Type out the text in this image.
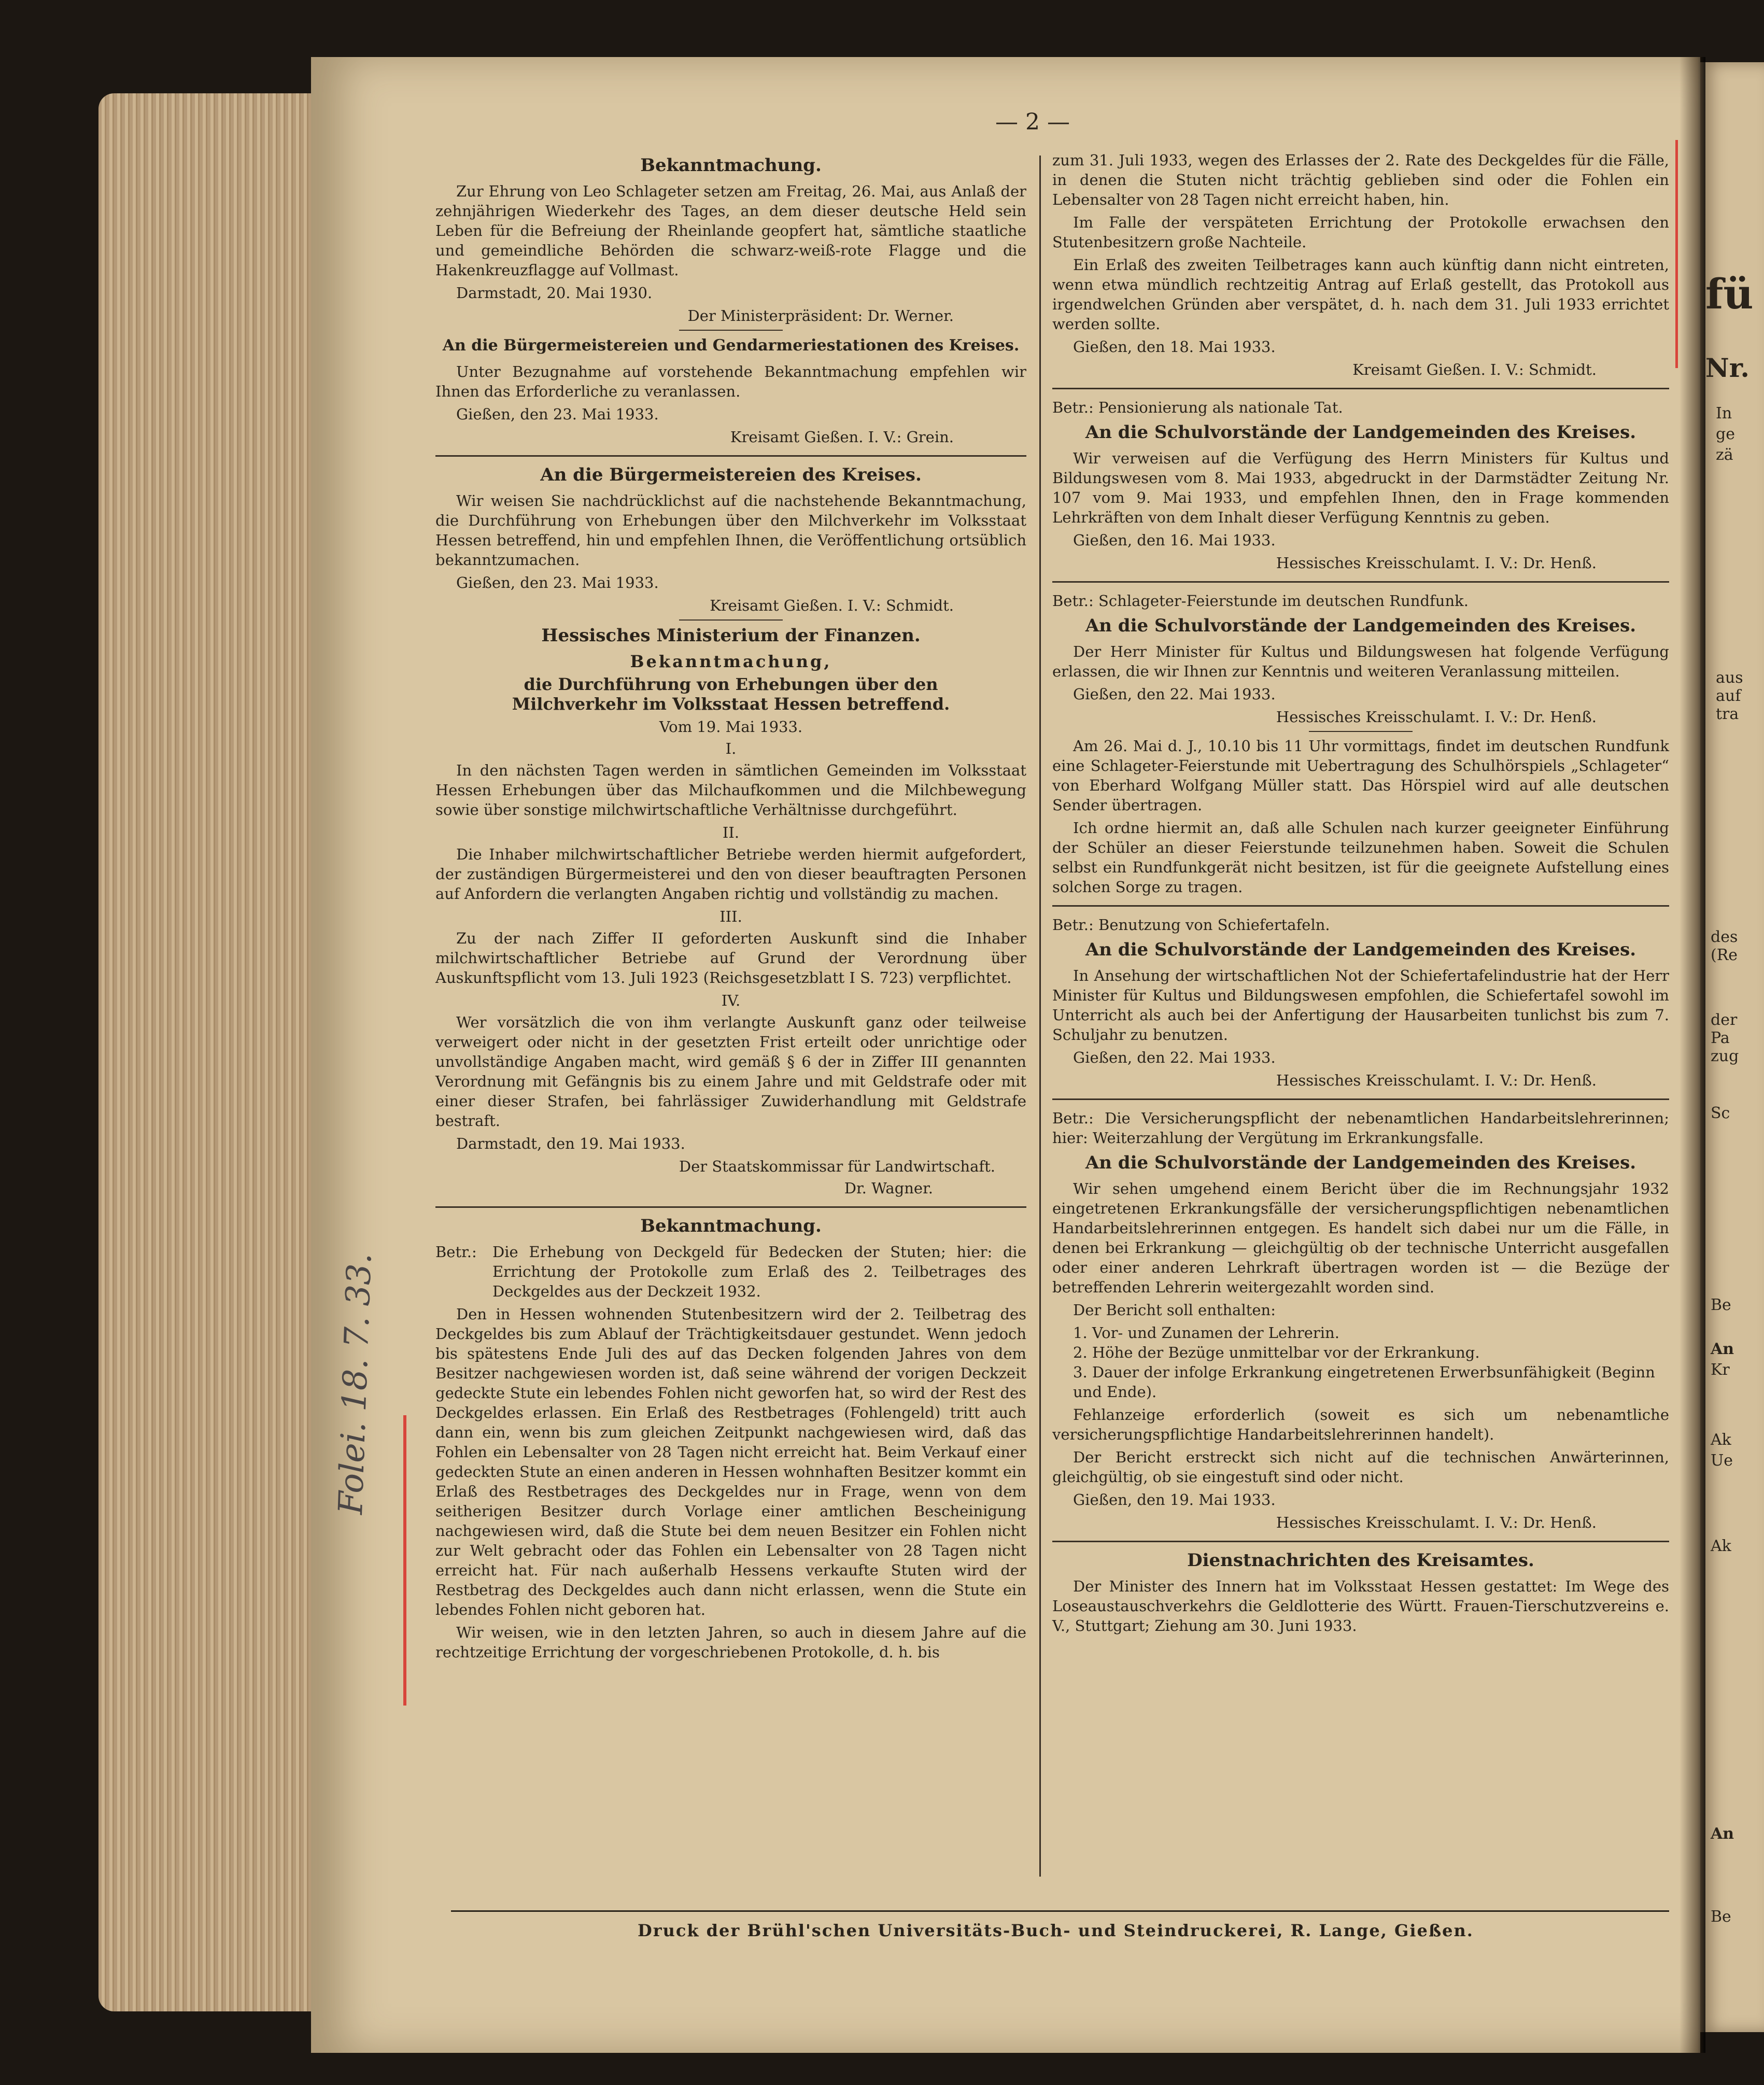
fü
Nr.
In
ge
zä
aus
auf
tra
des
(Re
der
Pa
zug
Sc
Be
An
Kr
Ak
Ue
Ak
An
Be
— 2 —
Bekanntmachung.

Zur Ehrung von Leo Schlageter setzen am Freitag, 26. Mai, aus Anlaß der zehnjährigen Wiederkehr des Tages, an dem dieser deutsche Held sein Leben für die Befreiung der Rheinlande geopfert hat, sämtliche staatliche und gemeindliche Behörden die schwarz-weiß-rote Flagge und die Hakenkreuzflagge auf Vollmast.

Darmstadt, 20. Mai 1930.
Der Ministerpräsident: Dr. Werner.
An die Bürgermeistereien und Gendarmeriestationen des Kreises.

Unter Bezugnahme auf vorstehende Bekanntmachung empfehlen wir Ihnen das Erforderliche zu veranlassen.

Gießen, den 23. Mai 1933.
Kreisamt Gießen. I. V.: Grein.
An die Bürgermeistereien des Kreises.

Wir weisen Sie nachdrücklichst auf die nachstehende Bekanntmachung, die Durchführung von Erhebungen über den Milchverkehr im Volksstaat Hessen betreffend, hin und empfehlen Ihnen, die Veröffentlichung ortsüblich bekanntzumachen.

Gießen, den 23. Mai 1933.
Kreisamt Gießen. I. V.: Schmidt.
Hessisches Ministerium der Finanzen.
Bekanntmachung,
die Durchführung von Erhebungen über den Milchverkehr im Volksstaat Hessen betreffend.
Vom 19. Mai 1933.
I.

In den nächsten Tagen werden in sämtlichen Gemeinden im Volksstaat Hessen Erhebungen über das Milchaufkommen und die Milchbewegung sowie über sonstige milchwirtschaftliche Verhältnisse durchgeführt.

II.

Die Inhaber milchwirtschaftlicher Betriebe werden hiermit aufgefordert, der zuständigen Bürgermeisterei und den von dieser beauftragten Personen auf Anfordern die verlangten Angaben richtig und vollständig zu machen.

III.

Zu der nach Ziffer II geforderten Auskunft sind die Inhaber milchwirtschaftlicher Betriebe auf Grund der Verordnung über Auskunftspflicht vom 13. Juli 1923 (Reichsgesetzblatt I S. 723) verpflichtet.

IV.

Wer vorsätzlich die von ihm verlangte Auskunft ganz oder teilweise verweigert oder nicht in der gesetzten Frist erteilt oder unrichtige oder unvollständige Angaben macht, wird gemäß § 6 der in Ziffer III genannten Verordnung mit Gefängnis bis zu einem Jahre und mit Geldstrafe oder mit einer dieser Strafen, bei fahrlässiger Zuwiderhandlung mit Geldstrafe bestraft.

Darmstadt, den 19. Mai 1933.
Der Staatskommissar für Landwirtschaft.
Dr. Wagner.
Bekanntmachung.

Betr.: Die Erhebung von Deckgeld für Bedecken der Stuten; hier: die Errichtung der Protokolle zum Erlaß des 2. Teilbetrages des Deckgeldes aus der Deckzeit 1932.

Den in Hessen wohnenden Stutenbesitzern wird der 2. Teilbetrag des Deckgeldes bis zum Ablauf der Trächtigkeitsdauer gestundet. Wenn jedoch bis spätestens Ende Juli des auf das Decken folgenden Jahres von dem Besitzer nachgewiesen worden ist, daß seine während der vorigen Deckzeit gedeckte Stute ein lebendes Fohlen nicht geworfen hat, so wird der Rest des Deckgeldes erlassen. Ein Erlaß des Restbetrages (Fohlengeld) tritt auch dann ein, wenn bis zum gleichen Zeitpunkt nachgewiesen wird, daß das Fohlen ein Lebensalter von 28 Tagen nicht erreicht hat. Beim Verkauf einer gedeckten Stute an einen anderen in Hessen wohnhaften Besitzer kommt ein Erlaß des Restbetrages des Deckgeldes nur in Frage, wenn von dem seitherigen Besitzer durch Vorlage einer amtlichen Bescheinigung nachgewiesen wird, daß die Stute bei dem neuen Besitzer ein Fohlen nicht zur Welt gebracht oder das Fohlen ein Lebensalter von 28 Tagen nicht erreicht hat. Für nach außerhalb Hessens verkaufte Stuten wird der Restbetrag des Deckgeldes auch dann nicht erlassen, wenn die Stute ein lebendes Fohlen nicht geboren hat.

Wir weisen, wie in den letzten Jahren, so auch in diesem Jahre auf die rechtzeitige Errichtung der vorgeschriebenen Protokolle, d. h. bis

zum 31. Juli 1933, wegen des Erlasses der 2. Rate des Deckgeldes für die Fälle, in denen die Stuten nicht trächtig geblieben sind oder die Fohlen ein Lebensalter von 28 Tagen nicht erreicht haben, hin.

Im Falle der verspäteten Errichtung der Protokolle erwachsen den Stutenbesitzern große Nachteile.

Ein Erlaß des zweiten Teilbetrages kann auch künftig dann nicht eintreten, wenn etwa mündlich rechtzeitig Antrag auf Erlaß gestellt, das Protokoll aus irgendwelchen Gründen aber verspätet, d. h. nach dem 31. Juli 1933 errichtet werden sollte.

Gießen, den 18. Mai 1933.
Kreisamt Gießen. I. V.: Schmidt.

Betr.: Pensionierung als nationale Tat.

An die Schulvorstände der Landgemeinden des Kreises.

Wir verweisen auf die Verfügung des Herrn Ministers für Kultus und Bildungswesen vom 8. Mai 1933, abgedruckt in der Darmstädter Zeitung Nr. 107 vom 9. Mai 1933, und empfehlen Ihnen, den in Frage kommenden Lehrkräften von dem Inhalt dieser Verfügung Kenntnis zu geben.

Gießen, den 16. Mai 1933.
Hessisches Kreisschulamt. I. V.: Dr. Henß.

Betr.: Schlageter-Feierstunde im deutschen Rundfunk.

An die Schulvorstände der Landgemeinden des Kreises.

Der Herr Minister für Kultus und Bildungswesen hat folgende Verfügung erlassen, die wir Ihnen zur Kenntnis und weiteren Veranlassung mitteilen.

Gießen, den 22. Mai 1933.
Hessisches Kreisschulamt. I. V.: Dr. Henß.

Am 26. Mai d. J., 10.10 bis 11 Uhr vormittags, findet im deutschen Rundfunk eine Schlageter-Feierstunde mit Uebertragung des Schulhörspiels „Schlageter“ von Eberhard Wolfgang Müller statt. Das Hörspiel wird auf alle deutschen Sender übertragen.

Ich ordne hiermit an, daß alle Schulen nach kurzer geeigneter Einführung der Schüler an dieser Feierstunde teilzunehmen haben. Soweit die Schulen selbst ein Rundfunkgerät nicht besitzen, ist für die geeignete Aufstellung eines solchen Sorge zu tragen.

Betr.: Benutzung von Schiefertafeln.

An die Schulvorstände der Landgemeinden des Kreises.

In Ansehung der wirtschaftlichen Not der Schiefertafelindustrie hat der Herr Minister für Kultus und Bildungswesen empfohlen, die Schiefertafel sowohl im Unterricht als auch bei der Anfertigung der Hausarbeiten tunlichst bis zum 7. Schuljahr zu benutzen.

Gießen, den 22. Mai 1933.
Hessisches Kreisschulamt. I. V.: Dr. Henß.

Betr.: Die Versicherungspflicht der nebenamtlichen Handarbeitslehrerinnen; hier: Weiterzahlung der Vergütung im Erkrankungsfalle.

An die Schulvorstände der Landgemeinden des Kreises.

Wir sehen umgehend einem Bericht über die im Rechnungsjahr 1932 eingetretenen Erkrankungsfälle der versicherungspflichtigen nebenamtlichen Handarbeitslehrerinnen entgegen. Es handelt sich dabei nur um die Fälle, in denen bei Erkrankung — gleichgültig ob der technische Unterricht ausgefallen oder einer anderen Lehrkraft übertragen worden ist — die Bezüge der betreffenden Lehrerin weitergezahlt worden sind.

Der Bericht soll enthalten:

1. Vor- und Zunamen der Lehrerin.
2. Höhe der Bezüge unmittelbar vor der Erkrankung.
3. Dauer der infolge Erkrankung eingetretenen Erwerbsunfähigkeit (Beginn und Ende).

Fehlanzeige erforderlich (soweit es sich um nebenamtliche versicherungspflichtige Handarbeitslehrerinnen handelt).

Der Bericht erstreckt sich nicht auf die technischen Anwärterinnen, gleichgültig, ob sie eingestuft sind oder nicht.

Gießen, den 19. Mai 1933.
Hessisches Kreisschulamt. I. V.: Dr. Henß.
Dienstnachrichten des Kreisamtes.

Der Minister des Innern hat im Volksstaat Hessen gestattet: Im Wege des Loseaustauschverkehrs die Geldlotterie des Württ. Frauen-Tierschutzvereins e. V., Stuttgart; Ziehung am 30. Juni 1933.

Druck der Brühl'schen Universitäts-Buch- und Steindruckerei, R. Lange, Gießen.
Folei. 18. 7. 33.
